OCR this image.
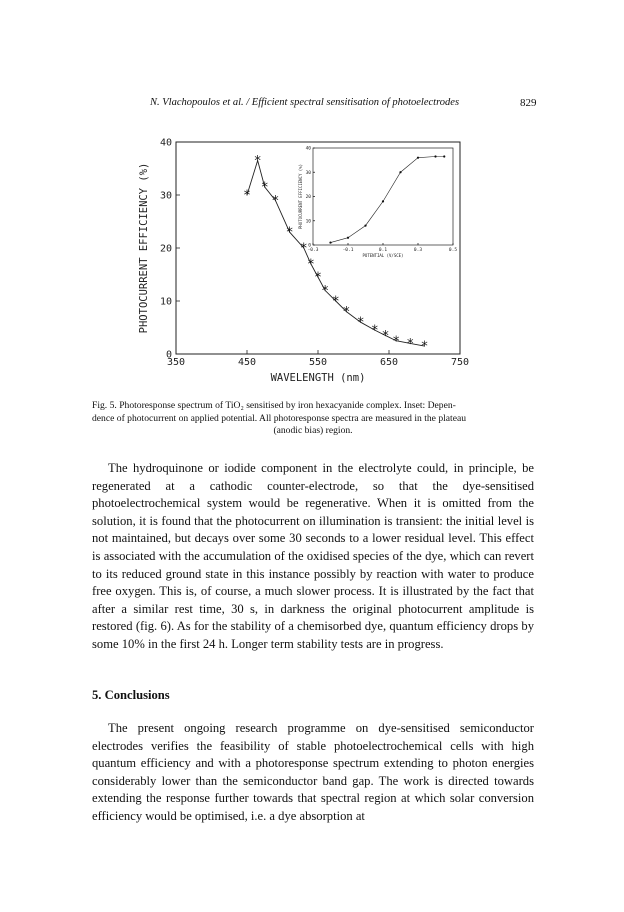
N. Vlachopoulos et al. / Efficient spectral sensitisation of photoelectrodes	829
350	450	550	650	750
0
10
20
30
40
*
*
*
*
*
*
*
*
*
*
*
*
* * * * *
WAVELENGTH (nm)
PHOTOCURRENT EFFICIENCY (%)	-0.3	-0.1	0.1	0.3	0.5
0
10
20
30
40
POTENTIAL (V/SCE)
PHOTOCURRENT EFFICIENCY (%)
Fig. 5. Photoresponse spectrum of TiO₂ sensitised by iron hexacyanide complex. Inset: Depen-
dence of photocurrent on applied potential. All photoresponse spectra are measured in the plateau
(anodic bias) region.

The hydroquinone or iodide component in the electrolyte could, in principle, be regenerated at a cathodic counter-electrode, so that the dye-sensitised photoelectrochemical system would be regenerative. When it is omitted from the solution, it is found that the photocurrent on illumination is transient: the initial level is not maintained, but decays over some 30 seconds to a lower residual level. This effect is associated with the accumulation of the oxidised species of the dye, which can revert to its reduced ground state in this instance possibly by reaction with water to produce free oxygen. This is, of course, a much slower process. It is illustrated by the fact that after a similar rest time, 30 s, in darkness the original photocurrent amplitude is restored (fig. 6). As for the stability of a chemisorbed dye, quantum efficiency drops by some 10% in the first 24 h. Longer term stability tests are in progress.

5. Conclusions

The present ongoing research programme on dye-sensitised semiconductor electrodes verifies the feasibility of stable photoelectrochemical cells with high quantum efficiency and with a photoresponse spectrum extending to photon energies considerably lower than the semiconductor band gap. The work is directed towards extending the response further towards that spectral region at which solar conversion efficiency would be optimised, i.e. a dye absorption at
